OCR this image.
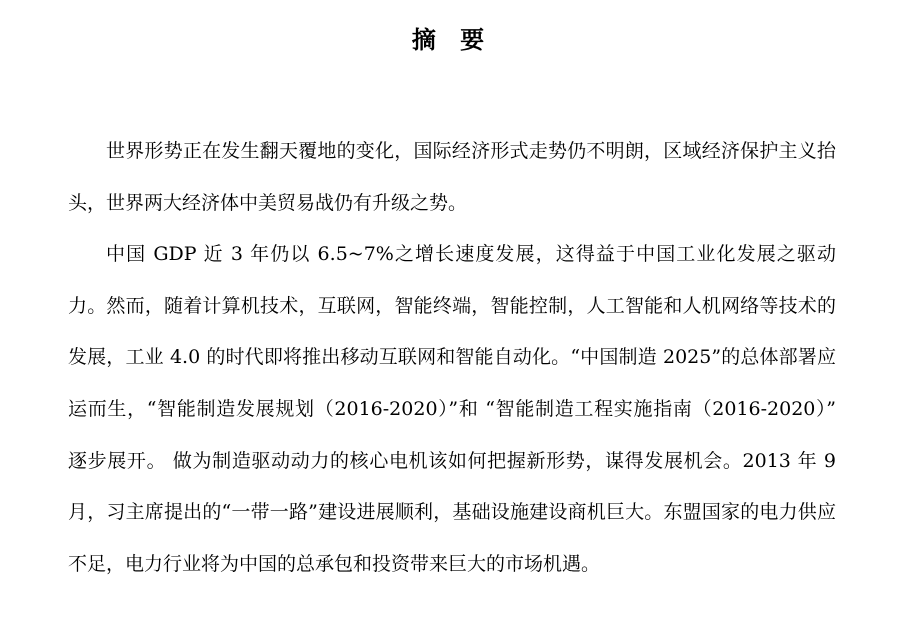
摘 要

世界形势正在发生翻天覆地的变化，国际经济形式走势仍不明朗，区域经济保护主义抬头，世界两大经济体中美贸易战仍有升级之势。

中国 GDP 近 3 年仍以 6.5~7%之增长速度发展，这得益于中国工业化发展之驱动力。然而，随着计算机技术，互联网，智能终端，智能控制，人工智能和人机网络等技术的发展，工业 4.0 的时代即将推出移动互联网和智能自动化。“中国制造 2025”的总体部署应运而生，“智能制造发展规划（2016-2020）”和 “智能制造工程实施指南（2016-2020）” 逐步展开。 做为制造驱动动力的核心电机该如何把握新形势，谋得发展机会。2013 年 9 月，习主席提出的“一带一路”建设进展顺利，基础设施建设商机巨大。东盟国家的电力供应不足，电力行业将为中国的总承包和投资带来巨大的市场机遇。
